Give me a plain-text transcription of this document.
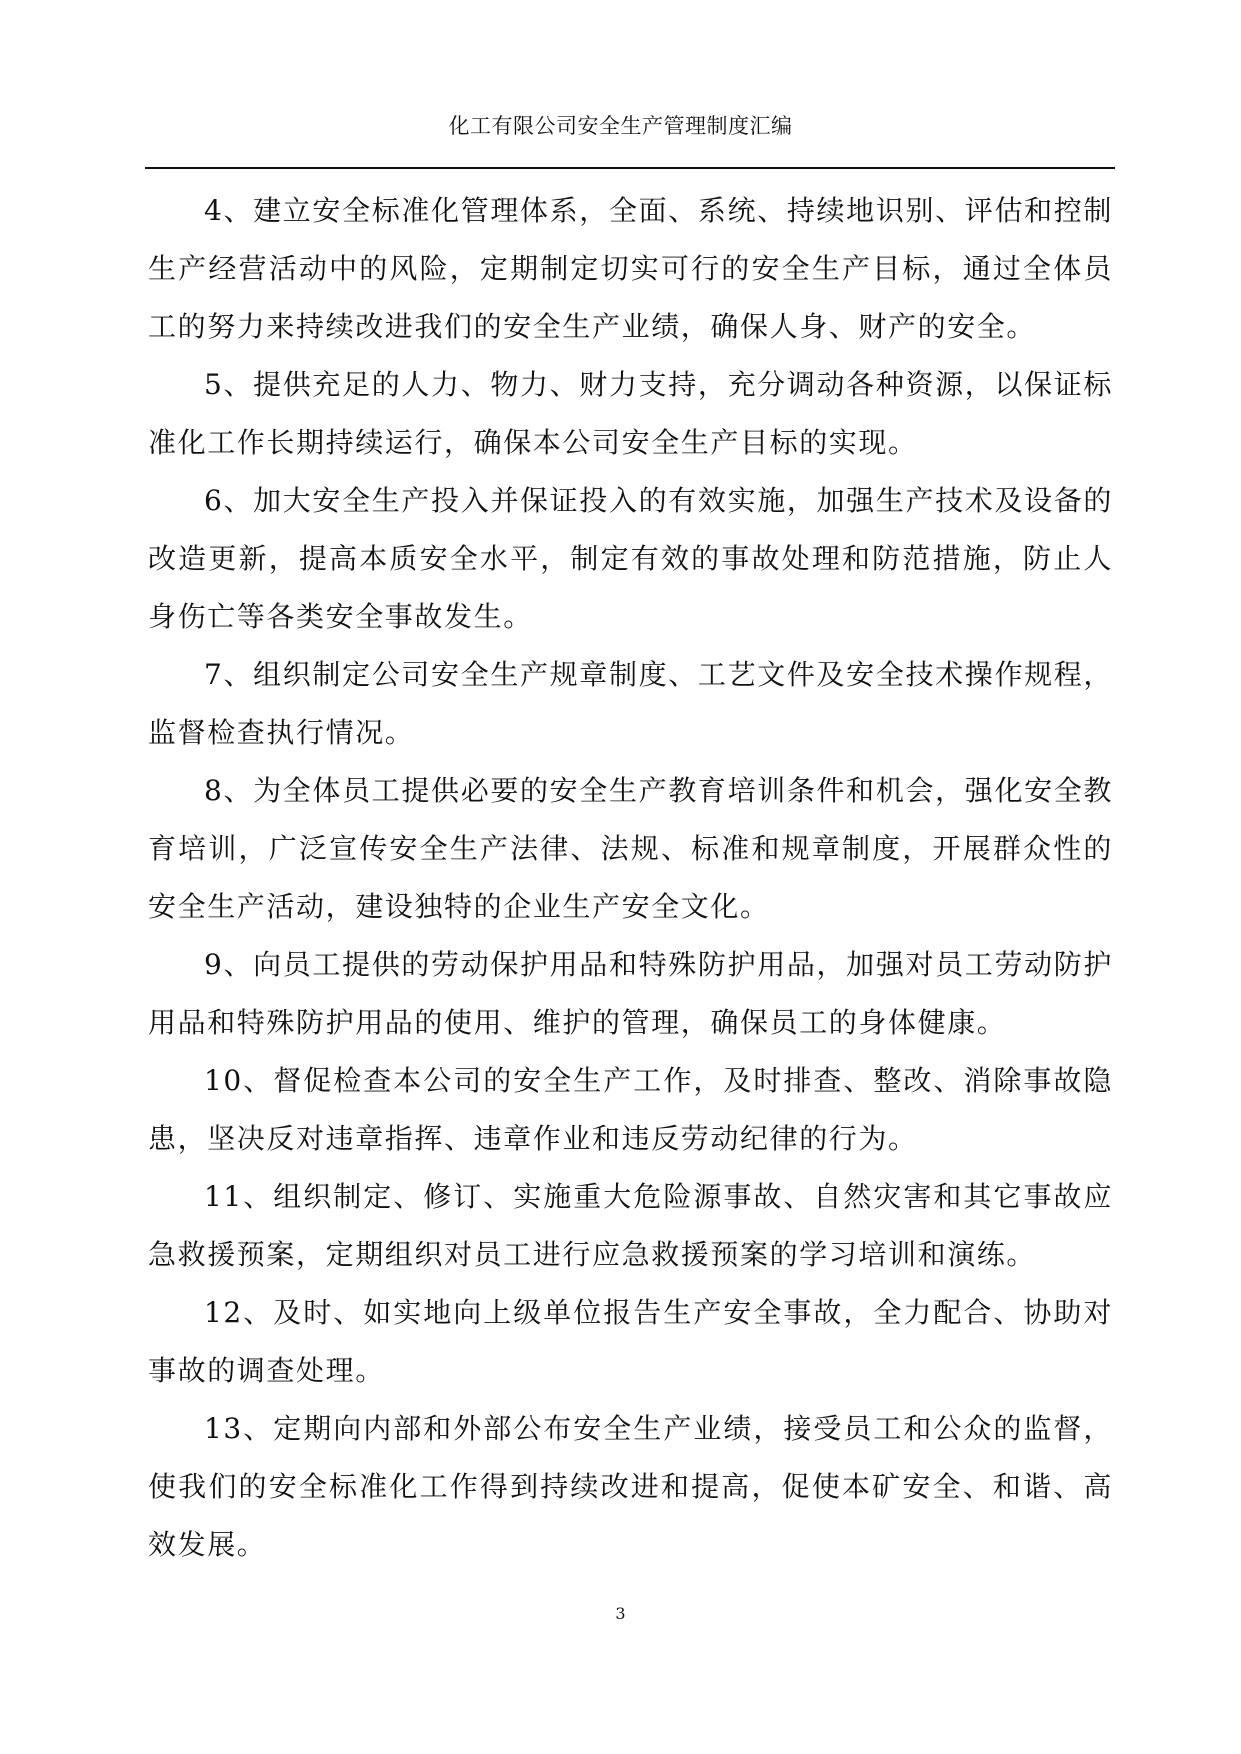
化工有限公司安全生产管理制度汇编

4、建立安全标准化管理体系，全面、系统、持续地识别、评估和控制生产经营活动中的风险，定期制定切实可行的安全生产目标，通过全体员工的努力来持续改进我们的安全生产业绩，确保人身、财产的安全。

5、提供充足的人力、物力、财力支持，充分调动各种资源，以保证标准化工作长期持续运行，确保本公司安全生产目标的实现。

6、加大安全生产投入并保证投入的有效实施，加强生产技术及设备的改造更新，提高本质安全水平，制定有效的事故处理和防范措施，防止人身伤亡等各类安全事故发生。

7、组织制定公司安全生产规章制度、工艺文件及安全技术操作规程，监督检查执行情况。

8、为全体员工提供必要的安全生产教育培训条件和机会，强化安全教育培训，广泛宣传安全生产法律、法规、标准和规章制度，开展群众性的安全生产活动，建设独特的企业生产安全文化。

9、向员工提供的劳动保护用品和特殊防护用品，加强对员工劳动防护用品和特殊防护用品的使用、维护的管理，确保员工的身体健康。

10、督促检查本公司的安全生产工作，及时排查、整改、消除事故隐患，坚决反对违章指挥、违章作业和违反劳动纪律的行为。

11、组织制定、修订、实施重大危险源事故、自然灾害和其它事故应急救援预案，定期组织对员工进行应急救援预案的学习培训和演练。

12、及时、如实地向上级单位报告生产安全事故，全力配合、协助对事故的调查处理。

13、定期向内部和外部公布安全生产业绩，接受员工和公众的监督，使我们的安全标准化工作得到持续改进和提高，促使本矿安全、和谐、高效发展。

3
